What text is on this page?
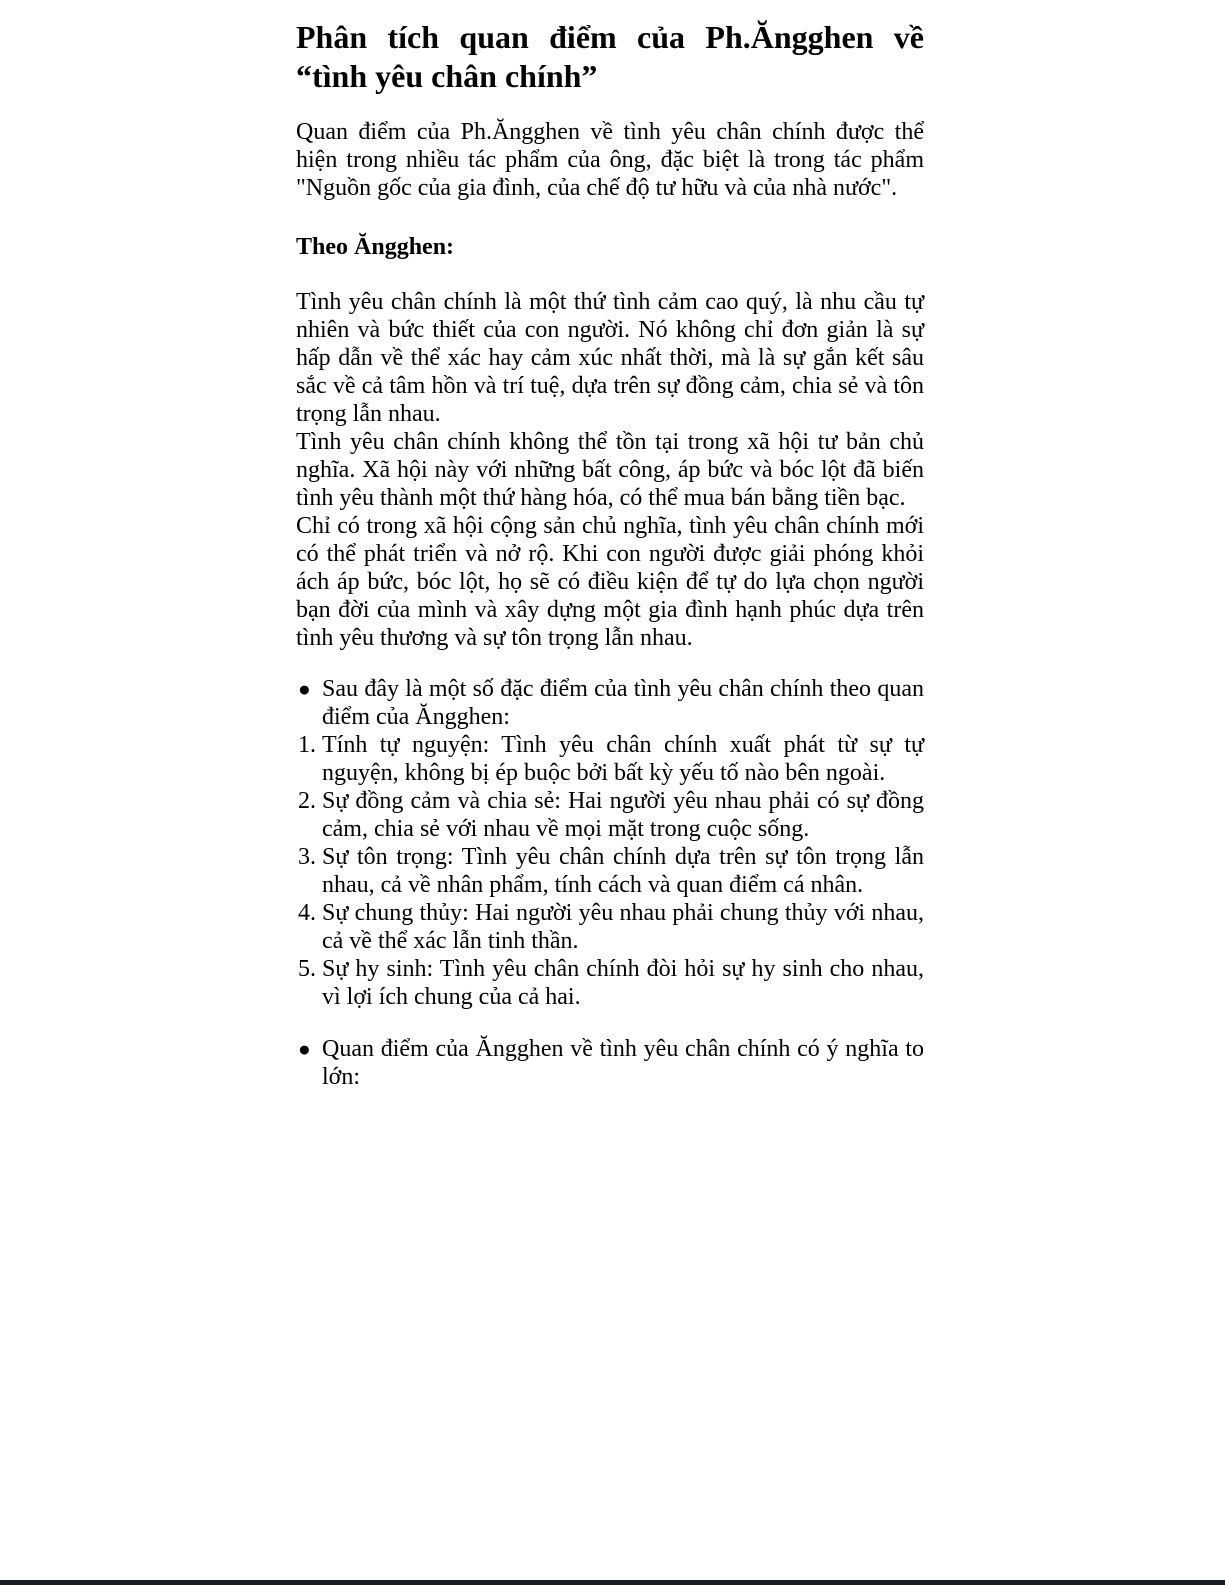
Phân tích quan điểm của Ph.Ăngghen về “tình yêu chân chính”

Quan điểm của Ph.Ăngghen về tình yêu chân chính được thể hiện trong nhiều tác phẩm của ông, đặc biệt là trong tác phẩm "Nguồn gốc của gia đình, của chế độ tư hữu và của nhà nước".

Theo Ăngghen:

Tình yêu chân chính là một thứ tình cảm cao quý, là nhu cầu tự nhiên và bức thiết của con người. Nó không chỉ đơn giản là sự hấp dẫn về thể xác hay cảm xúc nhất thời, mà là sự gắn kết sâu sắc về cả tâm hồn và trí tuệ, dựa trên sự đồng cảm, chia sẻ và tôn trọng lẫn nhau.

Tình yêu chân chính không thể tồn tại trong xã hội tư bản chủ nghĩa. Xã hội này với những bất công, áp bức và bóc lột đã biến tình yêu thành một thứ hàng hóa, có thể mua bán bằng tiền bạc.

Chỉ có trong xã hội cộng sản chủ nghĩa, tình yêu chân chính mới có thể phát triển và nở rộ. Khi con người được giải phóng khỏi ách áp bức, bóc lột, họ sẽ có điều kiện để tự do lựa chọn người bạn đời của mình và xây dựng một gia đình hạnh phúc dựa trên tình yêu thương và sự tôn trọng lẫn nhau.

● Sau đây là một số đặc điểm của tình yêu chân chính theo quan điểm của Ăngghen:
1. Tính tự nguyện: Tình yêu chân chính xuất phát từ sự tự nguyện, không bị ép buộc bởi bất kỳ yếu tố nào bên ngoài.
2. Sự đồng cảm và chia sẻ: Hai người yêu nhau phải có sự đồng cảm, chia sẻ với nhau về mọi mặt trong cuộc sống.
3. Sự tôn trọng: Tình yêu chân chính dựa trên sự tôn trọng lẫn nhau, cả về nhân phẩm, tính cách và quan điểm cá nhân.
4. Sự chung thủy: Hai người yêu nhau phải chung thủy với nhau, cả về thể xác lẫn tinh thần.
5. Sự hy sinh: Tình yêu chân chính đòi hỏi sự hy sinh cho nhau, vì lợi ích chung của cả hai.
● Quan điểm của Ăngghen về tình yêu chân chính có ý nghĩa to lớn:
